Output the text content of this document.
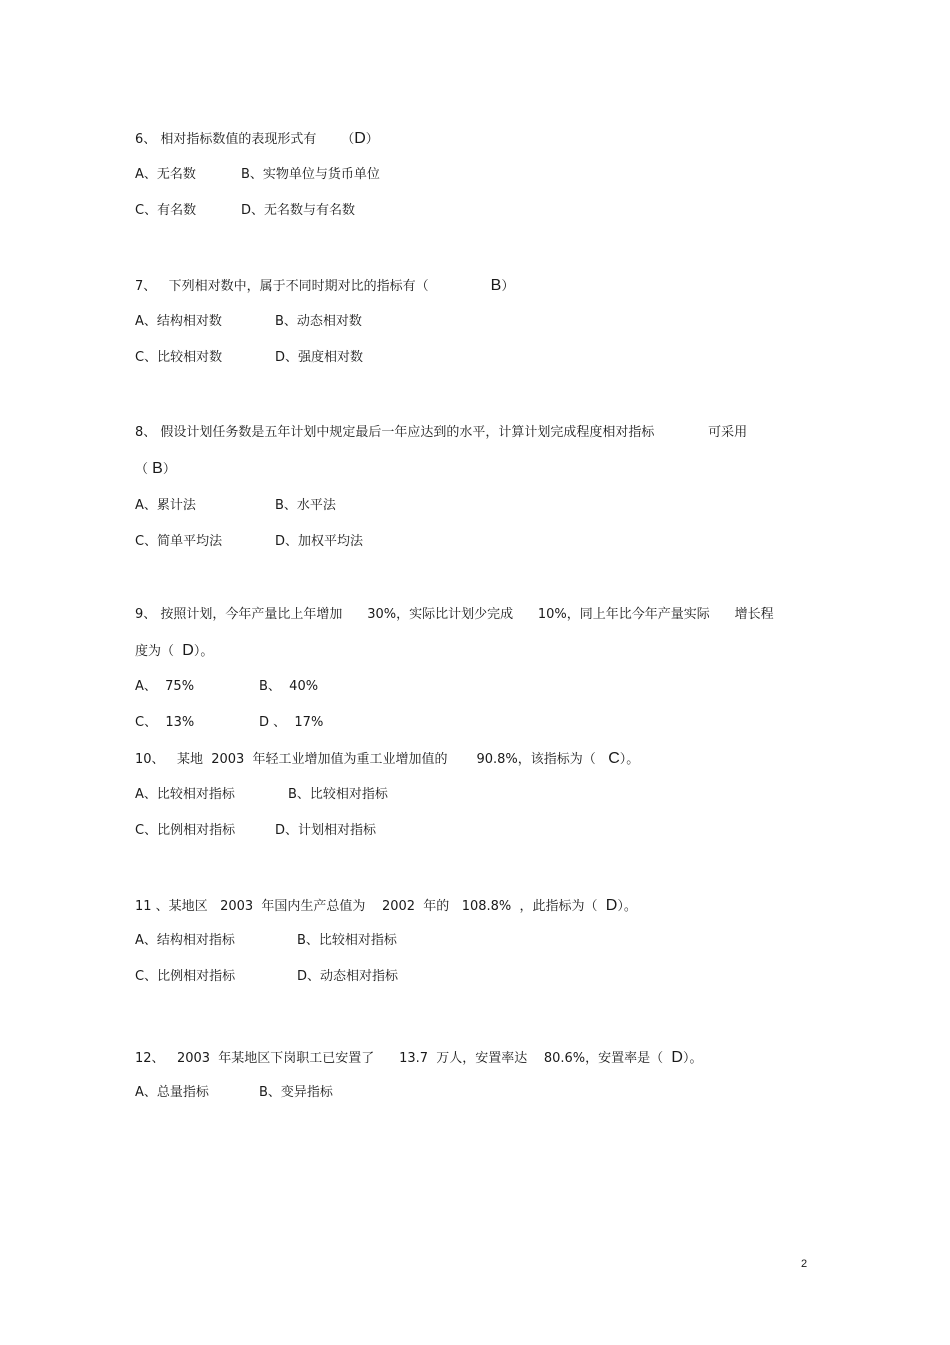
6、 相对指标数值的表现形式有      （D）
A、无名数	B、实物单位与货币单位
C、有名数	D、无名数与有名数
7、   下列相对数中，属于不同时期对比的指标有（               B）
A、结构相对数	B、动态相对数
C、比较相对数	D、强度相对数
8、 假设计划任务数是五年计划中规定最后一年应达到的水平，计算计划完成程度相对指标             可采用
（ B）
A、累计法	B、水平法
C、简单平均法	D、加权平均法
9、 按照计划，今年产量比上年增加      30%，实际比计划少完成      10%，同上年比今年产量实际      增长程
度为（  D）。
A、  75%	B、  40%
C、  13%	D 、  17%
10、   某地  2003  年轻工业增加值为重工业增加值的       90.8%，该指标为（   C）。
A、比较相对指标	B、比较相对指标
C、比例相对指标	D、计划相对指标
11 、某地区   2003  年国内生产总值为    2002  年的   108.8%  ，此指标为（  D）。
A、结构相对指标	B、比较相对指标
C、比例相对指标	D、动态相对指标
12、   2003  年某地区下岗职工已安置了      13.7  万人，安置率达    80.6%，安置率是（  D）。
A、总量指标	B、变异指标
2
